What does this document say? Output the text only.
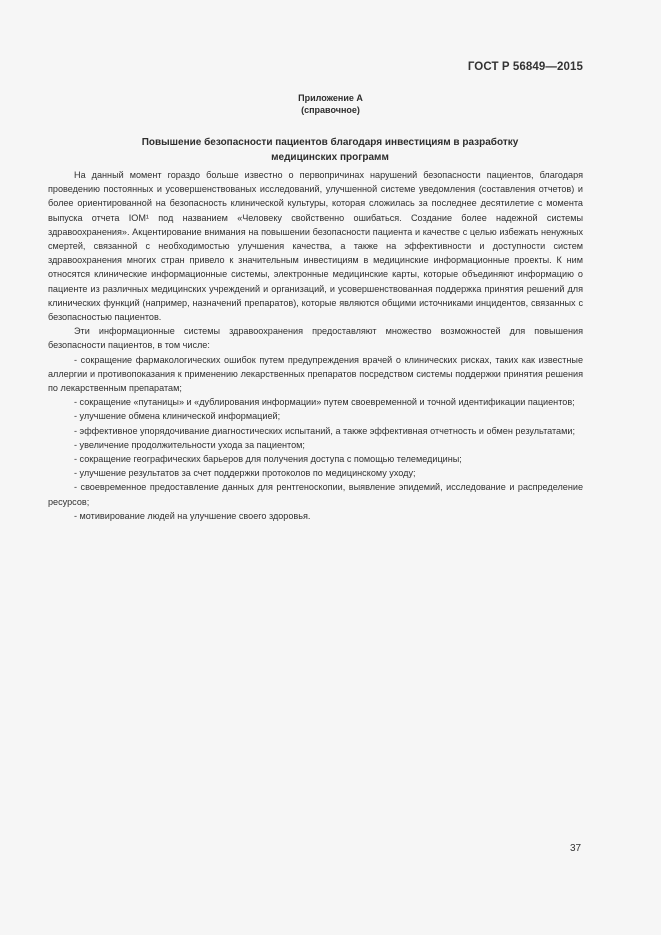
ГОСТ Р 56849—2015
Приложение А
(справочное)
Повышение безопасности пациентов благодаря инвестициям в разработку
медицинских программ

На данный момент гораздо больше известно о первопричинах нарушений безопасности пациентов, благодаря проведению постоянных и усовершенствованых исследований, улучшенной системе уведомления (составления отчетов) и более ориентированной на безопасность клинической культуры, которая сложилась за последнее десятилетие с момента выпуска отчета IOM¹ под названием «Человеку свойственно ошибаться. Создание более надежной системы здравоохранения». Акцентирование внимания на повышении безопасности пациента и качестве с целью избежать ненужных смертей, связанной с необходимостью улучшения качества, а также на эффективности и доступности систем здравоохранения многих стран привело к значительным инвестициям в медицинские информационные проекты. К ним относятся клинические информационные системы, электронные медицинские карты, которые объединяют информацию о пациенте из различных медицинских учреждений и организаций, и усовершенствованная поддержка принятия решений для клинических функций (например, назначений препаратов), которые являются общими источниками инцидентов, связанных с безопасностью пациентов.

Эти информационные системы здравоохранения предоставляют множество возможностей для повышения безопасности пациентов, в том числе:

- сокращение фармакологических ошибок путем предупреждения врачей о клинических рисках, таких как известные аллергии и противопоказания к применению лекарственных препаратов посредством системы поддержки принятия решения по лекарственным препаратам;

- сокращение «путаницы» и «дублирования информации» путем своевременной и точной идентификации пациентов;

- улучшение обмена клинической информацией;

- эффективное упорядочивание диагностических испытаний, а также эффективная отчетность и обмен результатами;

- увеличение продолжительности ухода за пациентом;

- сокращение географических барьеров для получения доступа с помощью телемедицины;

- улучшение результатов за счет поддержки протоколов по медицинскому уходу;

- своевременное предоставление данных для рентгеноскопии, выявление эпидемий, исследование и распределение ресурсов;

- мотивирование людей на улучшение своего здоровья.

37
